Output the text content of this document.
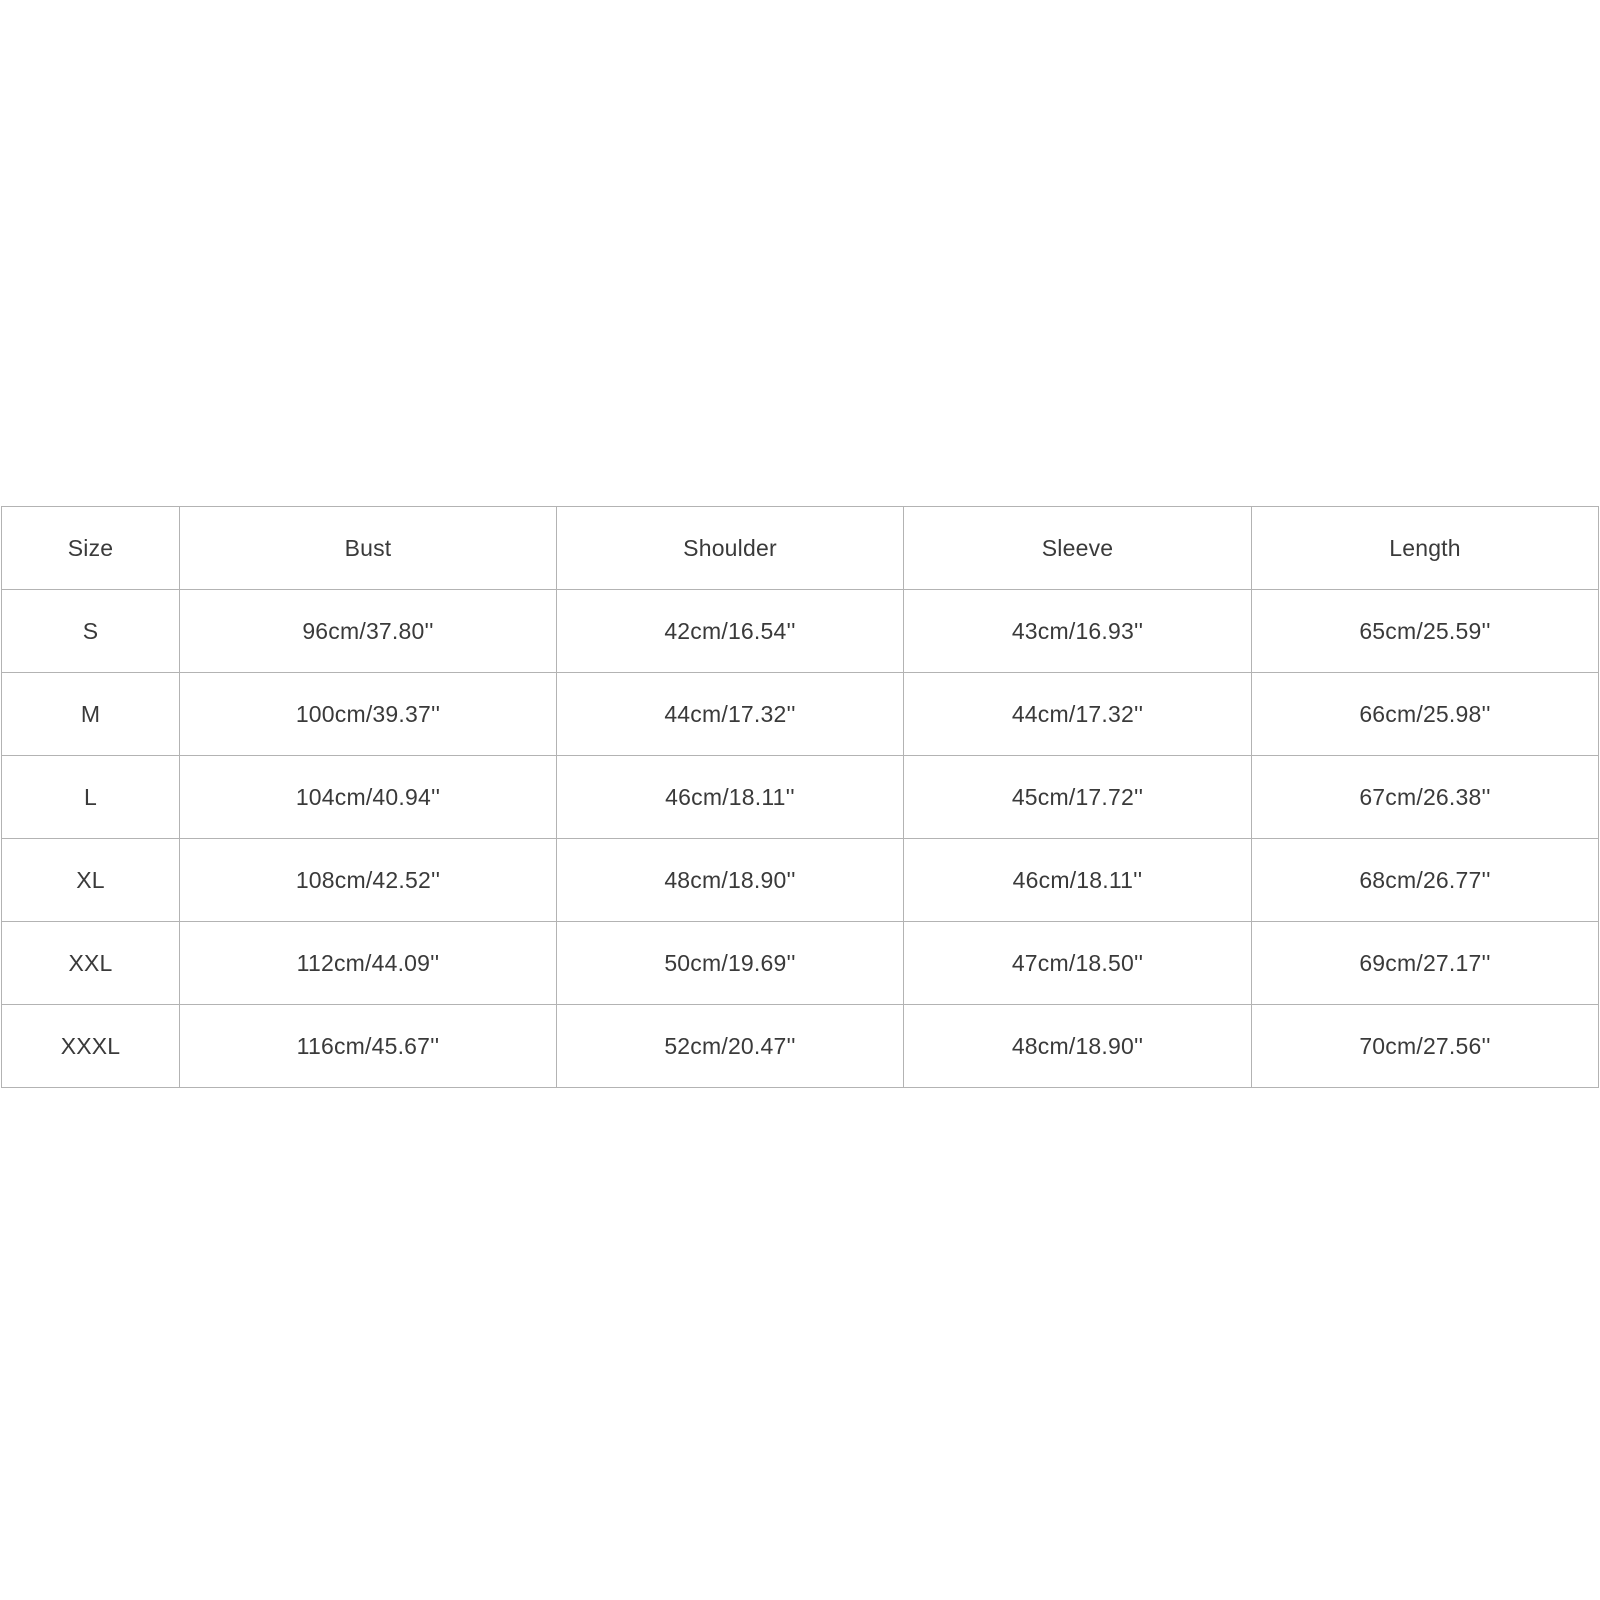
Size	Bust	Shoulder	Sleeve	Length
S	96cm/37.80''	42cm/16.54''	43cm/16.93''	65cm/25.59''
M	100cm/39.37''	44cm/17.32''	44cm/17.32''	66cm/25.98''
L	104cm/40.94''	46cm/18.11''	45cm/17.72''	67cm/26.38''
XL	108cm/42.52''	48cm/18.90''	46cm/18.11''	68cm/26.77''
XXL	112cm/44.09''	50cm/19.69''	47cm/18.50''	69cm/27.17''
XXXL	116cm/45.67''	52cm/20.47''	48cm/18.90''	70cm/27.56''
